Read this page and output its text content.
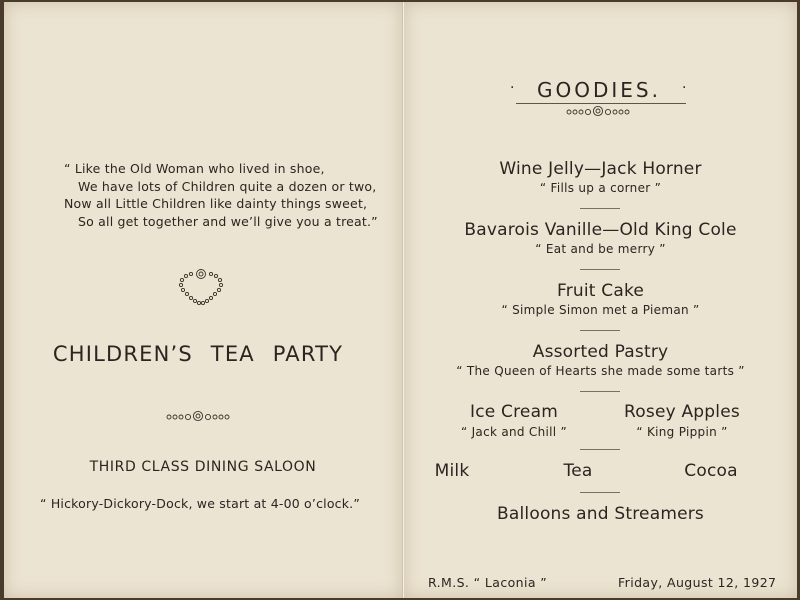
“ Like the Old Woman who lived in shoe,
We have lots of Children quite a dozen or two,
Now all Little Children like dainty things sweet,
So all get together and we’ll give you a treat.”
CHILDREN’S TEA PARTY
THIRD CLASS DINING SALOON
“ Hickory-Dickory-Dock, we start at 4-00 o’clock.”
·	GOODIES.	·
Wine Jelly—Jack Horner
“ Fills up a corner ”
Bavarois Vanille—Old King Cole
“ Eat and be merry ”
Fruit Cake
“ Simple Simon met a Pieman ”
Assorted Pastry
“ The Queen of Hearts she made some tarts ”
Ice Cream
“ Jack and Chill ”
Rosey Apples
“ King Pippin ”
Milk	Tea	Cocoa
Balloons and Streamers
R.M.S. “ Laconia ”	Friday, August 12, 1927
